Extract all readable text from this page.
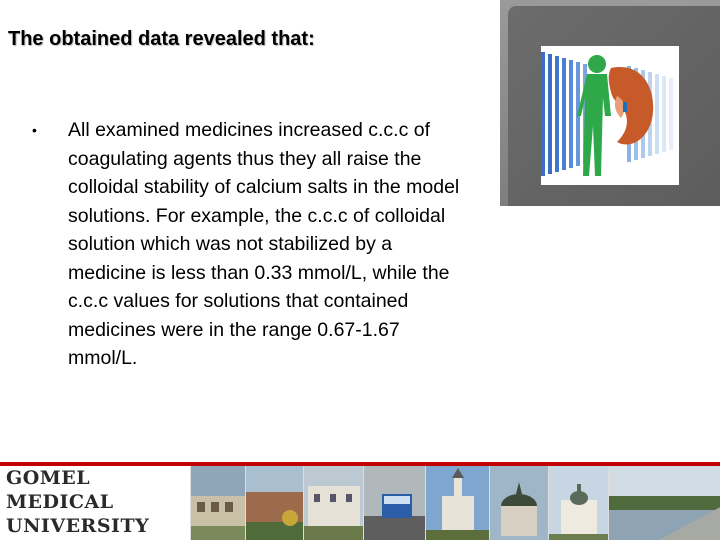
The obtained data revealed that:
•	All examined medicines increased c.c.c of coagulating agents thus they all raise the colloidal stability of calcium salts in the model solutions. For example, the c.c.c of colloidal solution which was not stabilized by a medicine is less than 0.33 mmol/L, while the c.c.c values for solutions that contained medicines were in the range 0.67-1.67 mmol/L.
GOMEL
MEDICAL
UNIVERSITY
